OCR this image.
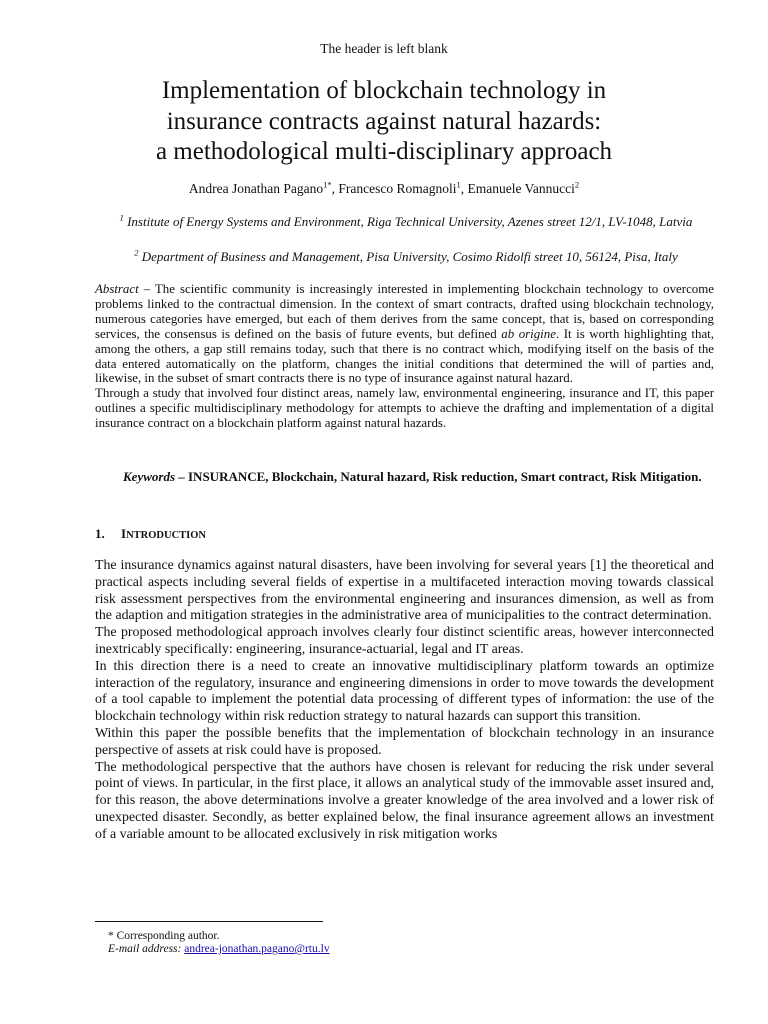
The header is left blank
Implementation of blockchain technology in
insurance contracts against natural hazards:
a methodological multi-disciplinary approach
Andrea Jonathan Pagano$^{1*}$, Francesco Romagnoli$^1$, Emanuele Vannucci$^2$
$^1$ Institute of Energy Systems and Environment, Riga Technical University, Azenes street 12/1, LV-1048, Latvia
$^2$ Department of Business and Management, Pisa University, Cosimo Ridolfi street 10, 56124, Pisa, Italy

Abstract – The scientific community is increasingly interested in implementing blockchain technology to overcome problems linked to the contractual dimension. In the context of smart contracts, drafted using blockchain technology, numerous categories have emerged, but each of them derives from the same concept, that is, based on corresponding services, the consensus is defined on the basis of future events, but defined ab origine. It is worth highlighting that, among the others, a gap still remains today, such that there is no contract which, modifying itself on the basis of the data entered automatically on the platform, changes the initial conditions that determined the will of parties and, likewise, in the subset of smart contracts there is no type of insurance against natural hazard.

Through a study that involved four distinct areas, namely law, environmental engineering, insurance and IT, this paper outlines a specific multidisciplinary methodology for attempts to achieve the drafting and implementation of a digital insurance contract on a blockchain platform against natural hazards.

Keywords – INSURANCE, Blockchain, Natural hazard, Risk reduction, Smart contract, Risk Mitigation.
1. INTRODUCTION

The insurance dynamics against natural disasters, have been involving for several years [1] the theoretical and practical aspects including several fields of expertise in a multifaceted interaction moving towards classical risk assessment perspectives from the environmental engineering and insurances dimension, as well as from the adaption and mitigation strategies in the administrative area of municipalities to the contract determination.

The proposed methodological approach involves clearly four distinct scientific areas, however interconnected inextricably specifically: engineering, insurance-actuarial, legal and IT areas.

In this direction there is a need to create an innovative multidisciplinary platform towards an optimize interaction of the regulatory, insurance and engineering dimensions in order to move towards the development of a tool capable to implement the potential data processing of different types of information: the use of the blockchain technology within risk reduction strategy to natural hazards can support this transition.

Within this paper the possible benefits that the implementation of blockchain technology in an insurance perspective of assets at risk could have is proposed.

The methodological perspective that the authors have chosen is relevant for reducing the risk under several point of views. In particular, in the first place, it allows an analytical study of the immovable asset insured and, for this reason, the above determinations involve a greater knowledge of the area involved and a lower risk of unexpected disaster. Secondly, as better explained below, the final insurance agreement allows an investment of a variable amount to be allocated exclusively in risk mitigation works

* Corresponding author.
E-mail address: andrea-jonathan.pagano@rtu.lv
